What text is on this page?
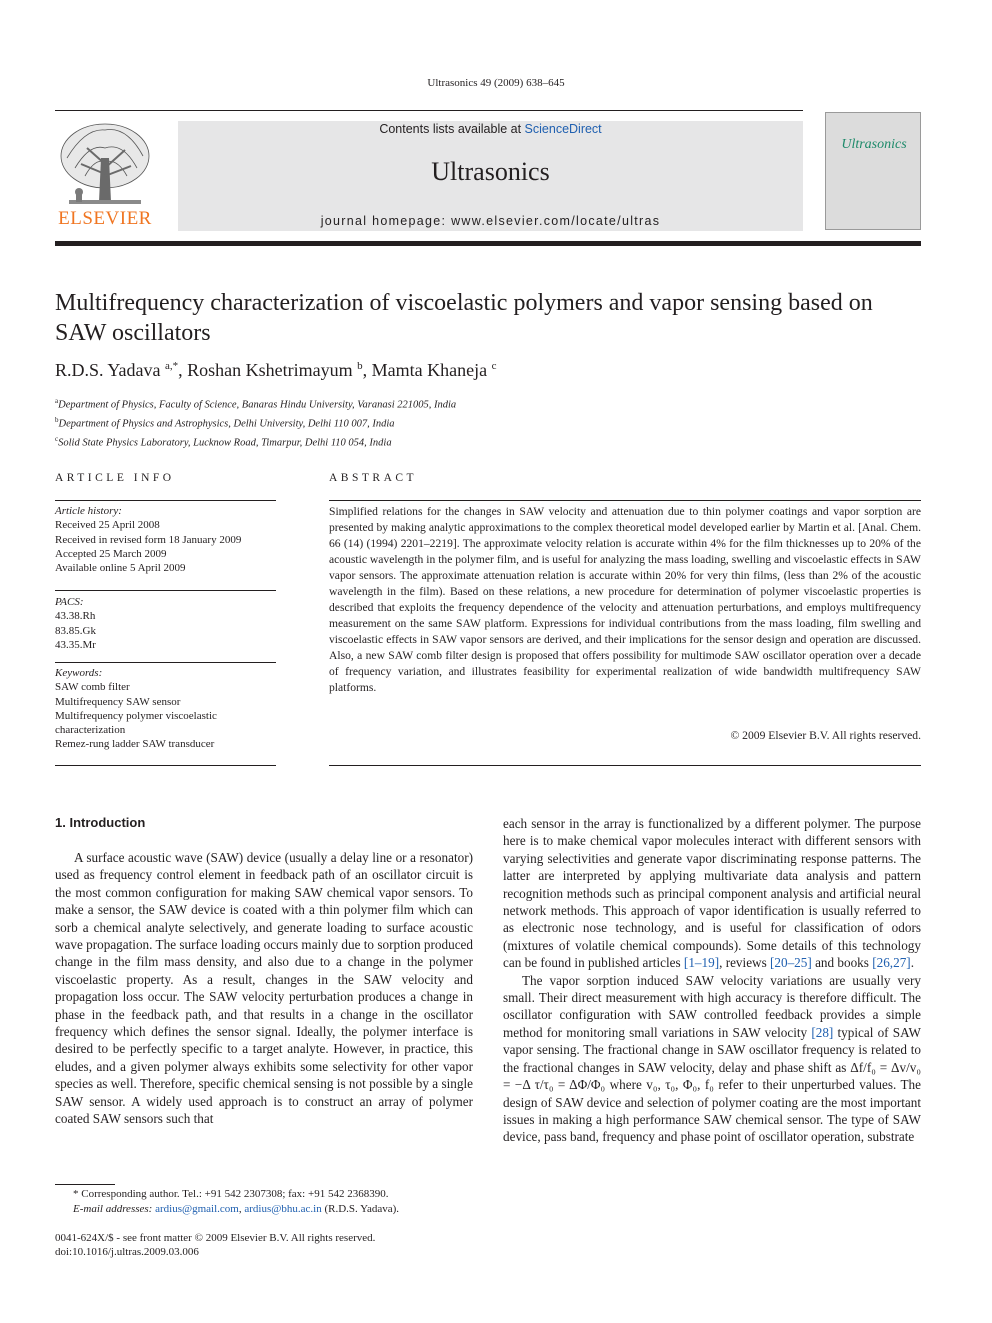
Ultrasonics 49 (2009) 638–645
ELSEVIER
Contents lists available at ScienceDirect
Ultrasonics
journal homepage: www.elsevier.com/locate/ultras
Ultrasonics
Multifrequency characterization of viscoelastic polymers and vapor sensing based on SAW oscillators
R.D.S. Yadava $^{a,*}$, Roshan Kshetrimayum $^b$, Mamta Khaneja $^c$
$^a$Department of Physics, Faculty of Science, Banaras Hindu University, Varanasi 221005, India
$^b$Department of Physics and Astrophysics, Delhi University, Delhi 110 007, India
$^c$Solid State Physics Laboratory, Lucknow Road, Timarpur, Delhi 110 054, India
ARTICLE INFO	ABSTRACT
Article history:
Received 25 April 2008
Received in revised form 18 January 2009
Accepted 25 March 2009
Available online 5 April 2009
PACS:
43.38.Rh
83.85.Gk
43.35.Mr
Keywords:
SAW comb filter
Multifrequency SAW sensor
Multifrequency polymer viscoelastic characterization
Remez-rung ladder SAW transducer
Simplified relations for the changes in SAW velocity and attenuation due to thin polymer coatings and vapor sorption are presented by making analytic approximations to the complex theoretical model developed earlier by Martin et al. [Anal. Chem. 66 (14) (1994) 2201–2219]. The approximate velocity relation is accurate within 4% for the film thicknesses up to 20% of the acoustic wavelength in the polymer film, and is useful for analyzing the mass loading, swelling and viscoelastic effects in SAW vapor sensors. The approximate attenuation relation is accurate within 20% for very thin films, (less than 2% of the acoustic wavelength in the film). Based on these relations, a new procedure for determination of polymer viscoelastic properties is described that exploits the frequency dependence of the velocity and attenuation perturbations, and employs multifrequency measurement on the same SAW platform. Expressions for individual contributions from the mass loading, film swelling and viscoelastic effects in SAW vapor sensors are derived, and their implications for the sensor design and operation are discussed. Also, a new SAW comb filter design is proposed that offers possibility for multimode SAW oscillator operation over a decade of frequency variation, and illustrates feasibility for experimental realization of wide bandwidth multifrequency SAW platforms.
© 2009 Elsevier B.V. All rights reserved.
1. Introduction

A surface acoustic wave (SAW) device (usually a delay line or a resonator) used as frequency control element in feedback path of an oscillator circuit is the most common configuration for making SAW chemical vapor sensors. To make a sensor, the SAW device is coated with a thin polymer film which can sorb a chemical analyte selectively, and generate loading to surface acoustic wave propagation. The surface loading occurs mainly due to sorption produced change in the film mass density, and also due to a change in the polymer viscoelastic property. As a result, changes in the SAW velocity and propagation loss occur. The SAW velocity perturbation produces a change in phase in the feedback path, and that results in a change in the oscillator frequency which defines the sensor signal. Ideally, the polymer interface is desired to be perfectly specific to a target analyte. However, in practice, this eludes, and a given polymer always exhibits some selectivity for other vapor species as well. Therefore, specific chemical sensing is not possible by a single SAW sensor. A widely used approach is to construct an array of polymer coated SAW sensors such that

each sensor in the array is functionalized by a different polymer. The purpose here is to make chemical vapor molecules interact with different sensors with varying selectivities and generate vapor discriminating response patterns. The latter are interpreted by applying multivariate data analysis and pattern recognition methods such as principal component analysis and artificial neural network methods. This approach of vapor identification is usually referred to as electronic nose technology, and is useful for classification of odors (mixtures of volatile chemical compounds). Some details of this technology can be found in published articles [1–19], reviews [20–25] and books [26,27].

The vapor sorption induced SAW velocity variations are usually very small. Their direct measurement with high accuracy is therefore difficult. The oscillator configuration with SAW controlled feedback provides a simple method for monitoring small variations in SAW velocity [28] typical of SAW vapor sensing. The fractional change in SAW oscillator frequency is related to the fractional changes in SAW velocity, delay and phase shift as Δf/f₀ = Δv/v₀ = −Δ τ/τ₀ = ΔΦ/Φ₀ where v₀, τ₀, Φ₀, f₀ refer to their unperturbed values. The design of SAW device and selection of polymer coating are the most important issues in making a high performance SAW chemical sensor. The type of SAW device, pass band, frequency and phase point of oscillator operation, substrate

* Corresponding author. Tel.: +91 542 2307308; fax: +91 542 2368390.
E-mail addresses: ardius@gmail.com, ardius@bhu.ac.in (R.D.S. Yadava).
0041-624X/$ - see front matter © 2009 Elsevier B.V. All rights reserved.
doi:10.1016/j.ultras.2009.03.006
